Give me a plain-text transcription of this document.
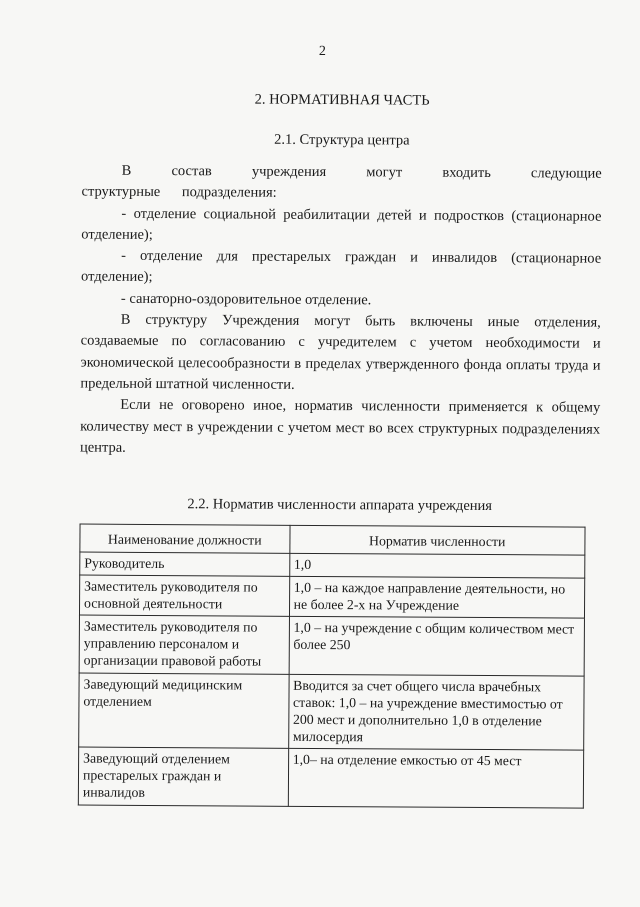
2
2. НОРМАТИВНАЯ ЧАСТЬ
2.1. Структура центра

В состав учреждения могут входить следующие структурные подразделения:

- отделение социальной реабилитации детей и подростков (стационарное отделение);

- отделение для престарелых граждан и инвалидов (стационарное отделение);

- санаторно-оздоровительное отделение.

В структуру Учреждения могут быть включены иные отделения, создаваемые по согласованию с учредителем с учетом необходимости и экономической целесообразности в пределах утвержденного фонда оплаты труда и предельной штатной численности.

Если не оговорено иное, норматив численности применяется к общему количеству мест в учреждении с учетом мест во всех структурных подразделениях центра.

2.2. Норматив численности аппарата учреждения
Наименование должности	Норматив численности
Руководитель	1,0
Заместитель руководителя по основной деятельности	1,0 – на каждое направление деятельности, но не более 2-х на Учреждение
Заместитель руководителя по управлению персоналом и организации правовой работы	1,0 – на учреждение с общим количеством мест более 250
Заведующий медицинским отделением	Вводится за счет общего числа врачебных ставок: 1,0 – на учреждение вместимостью от 200 мест и дополнительно 1,0 в отделение милосердия
Заведующий отделением престарелых граждан и инвалидов	1,0– на отделение емкостью от 45 мест
